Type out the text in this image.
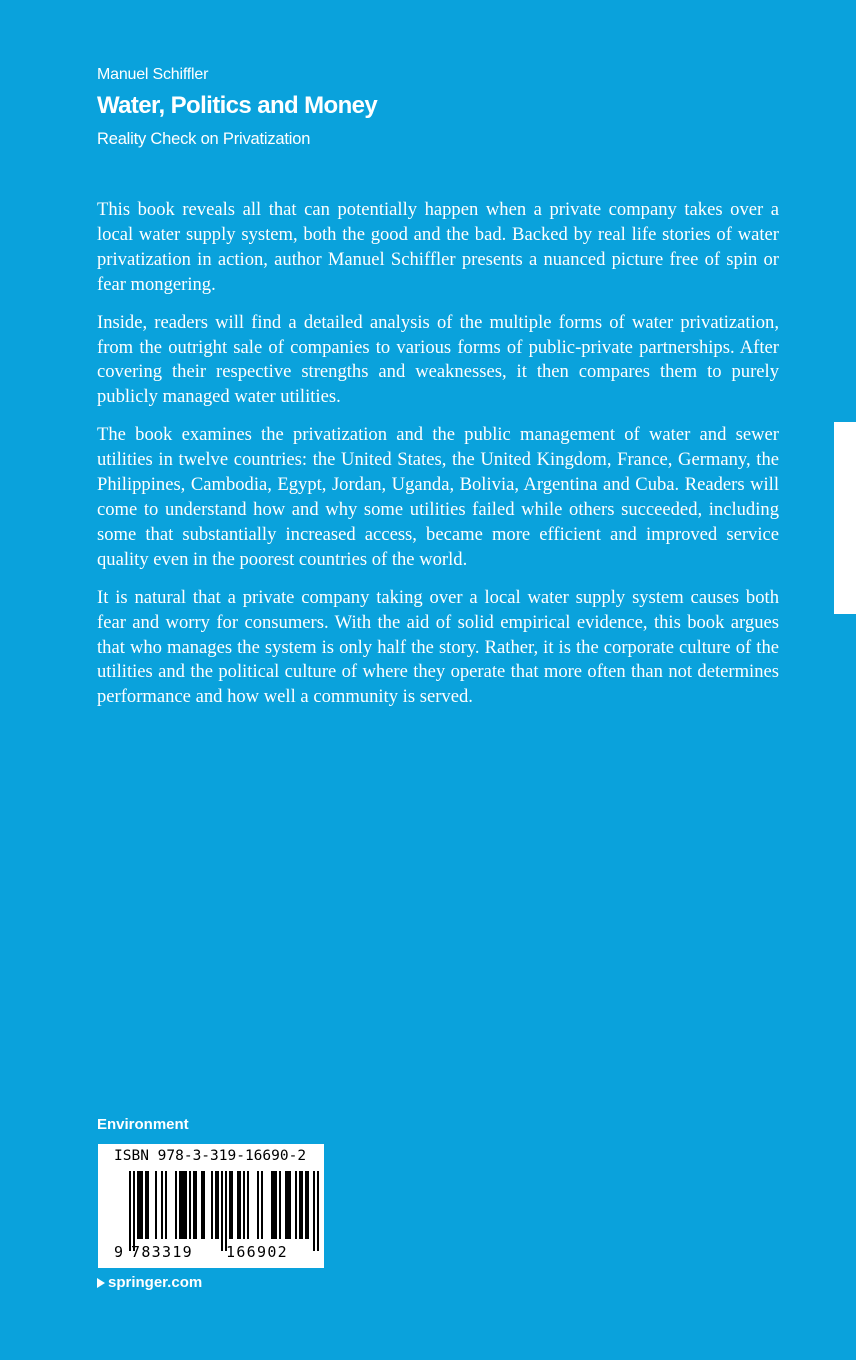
Manuel Schiffler
Water, Politics and Money
Reality Check on Privatization

This book reveals all that can potentially happen when a private company takes over a local water supply system, both the good and the bad. Backed by real life stories of water privatization in action, author Manuel Schiffler presents a nuanced picture free of spin or fear mongering.

Inside, readers will find a detailed analysis of the multiple forms of water privatization, from the outright sale of companies to various forms of public-private partnerships. After covering their respective strengths and weaknesses, it then compares them to purely publicly managed water utilities.

The book examines the privatization and the public management of water and sewer utilities in twelve countries: the United States, the United Kingdom, France, Germany, the Philippines, Cambodia, Egypt, Jordan, Uganda, Bolivia, Argentina and Cuba. Readers will come to understand how and why some utilities failed while others succeeded, including some that substantially increased access, became more efficient and improved service quality even in the poorest countries of the world.

It is natural that a private company taking over a local water supply system causes both fear and worry for consumers. With the aid of solid empirical evidence, this book argues that who manages the system is only half the story. Rather, it is the corporate culture of the utilities and the political culture of where they operate that more often than not determines performance and how well a community is served.

Environment
ISBN 978-3-319-16690-2
9 783319 166902
springer.com
